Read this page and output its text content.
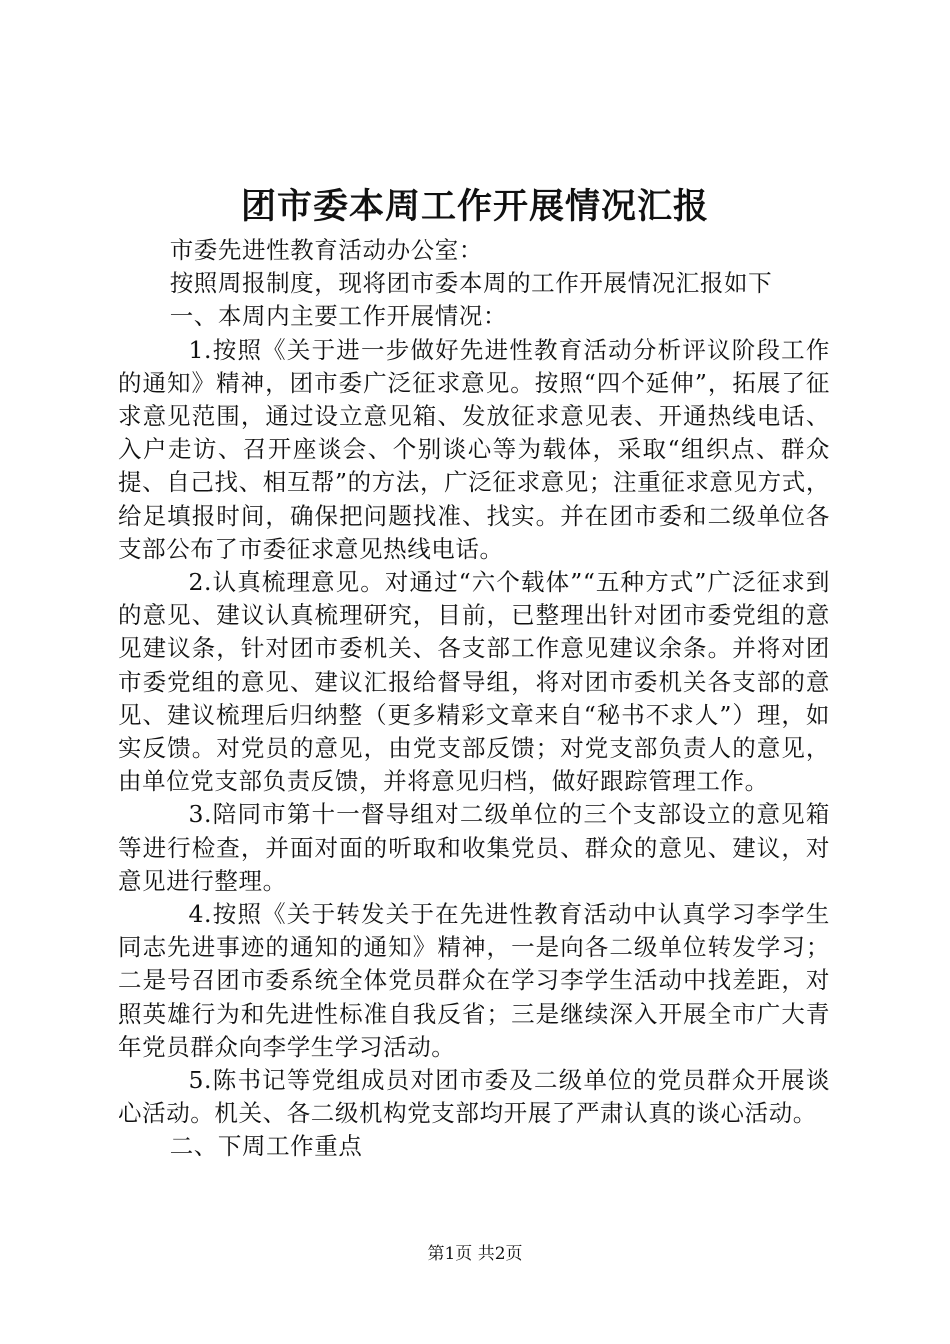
团市委本周工作开展情况汇报

市委先进性教育活动办公室：

按照周报制度，现将团市委本周的工作开展情况汇报如下

一、本周内主要工作开展情况：

1.按照《关于进一步做好先进性教育活动分析评议阶段工作的通知》精神，团市委广泛征求意见。按照“四个延伸”，拓展了征求意见范围，通过设立意见箱、发放征求意见表、开通热线电话、入户走访、召开座谈会、个别谈心等为载体，采取“组织点、群众提、自己找、相互帮”的方法，广泛征求意见；注重征求意见方式，给足填报时间，确保把问题找准、找实。并在团市委和二级单位各支部公布了市委征求意见热线电话。

2.认真梳理意见。对通过“六个载体”“五种方式”广泛征求到的意见、建议认真梳理研究，目前，已整理出针对团市委党组的意见建议条，针对团市委机关、各支部工作意见建议余条。并将对团市委党组的意见、建议汇报给督导组，将对团市委机关各支部的意见、建议梳理后归纳整（更多精彩文章来自“秘书不求人”）理，如实反馈。对党员的意见，由党支部反馈；对党支部负责人的意见，由单位党支部负责反馈，并将意见归档，做好跟踪管理工作。

3.陪同市第十一督导组对二级单位的三个支部设立的意见箱等进行检查，并面对面的听取和收集党员、群众的意见、建议，对意见进行整理。

4.按照《关于转发关于在先进性教育活动中认真学习李学生同志先进事迹的通知的通知》精神，一是向各二级单位转发学习；二是号召团市委系统全体党员群众在学习李学生活动中找差距，对照英雄行为和先进性标准自我反省；三是继续深入开展全市广大青年党员群众向李学生学习活动。

5.陈书记等党组成员对团市委及二级单位的党员群众开展谈心活动。机关、各二级机构党支部均开展了严肃认真的谈心活动。

二、下周工作重点

第1页 共2页
